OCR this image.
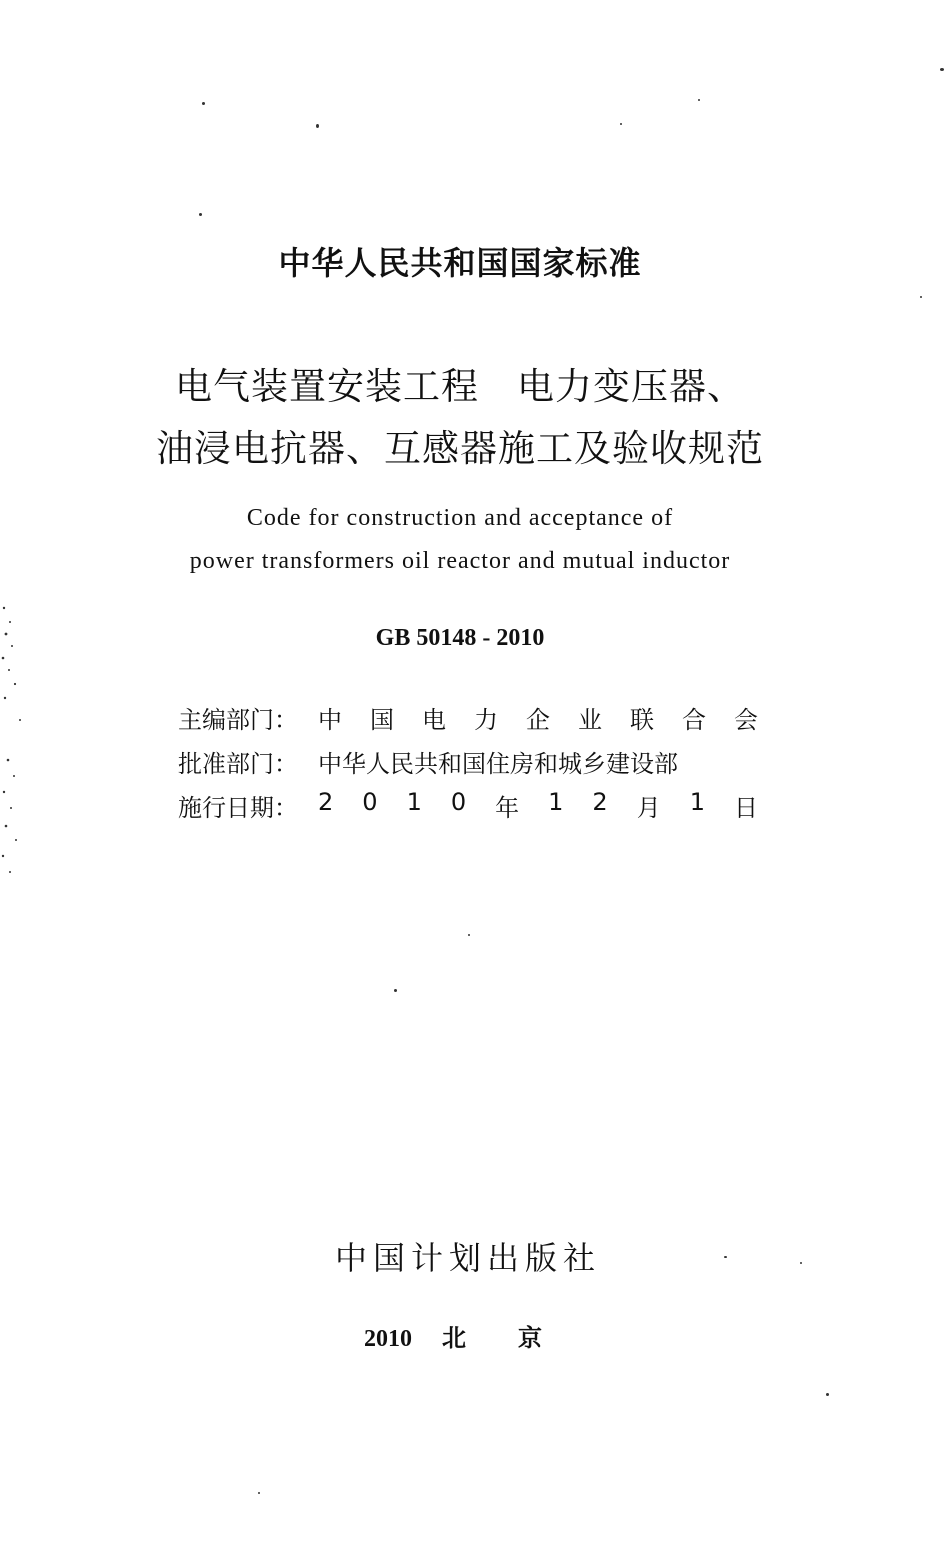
中华人民共和国国家标准
电气装置安装工程　电力变压器、
油浸电抗器、互感器施工及验收规范
Code for construction and acceptance of
power transformers oil reactor and mutual inductor
GB 50148 - 2010
主编部门： 中 国 电 力 企 业 联 合 会
批准部门： 中华人民共和国住房和城乡建设部
施行日期： 2 0 1 0 年 1 2 月 1 日
中国计划出版社
2010 北京
